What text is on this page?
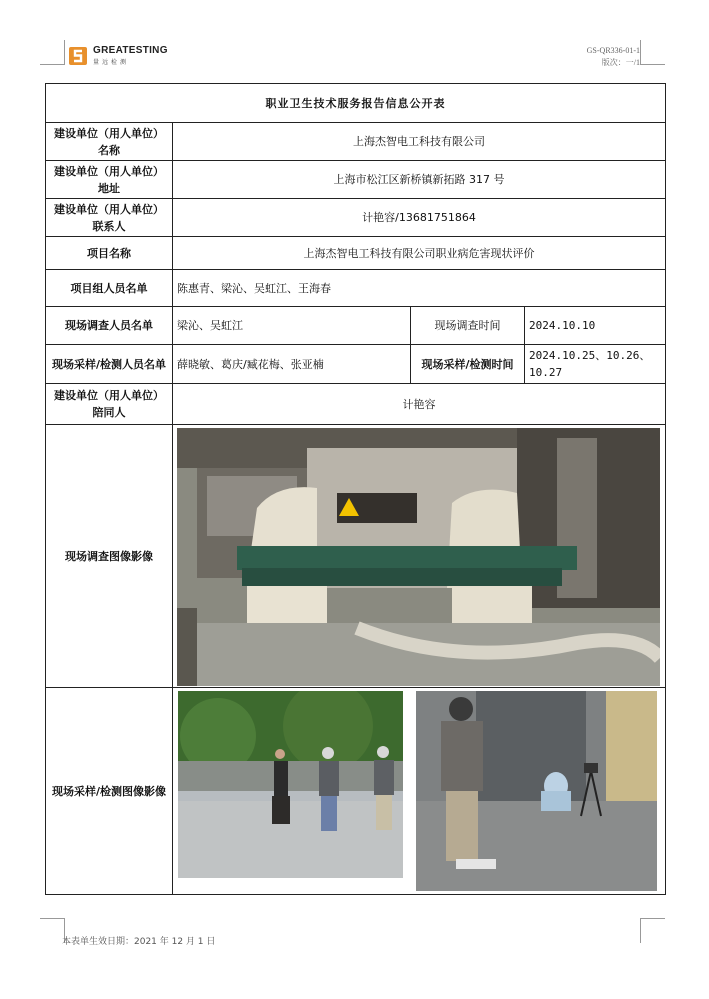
GREATESTING
量远检测
GS-QR336-01-1
版次：一/1
职业卫生技术服务报告信息公开表			
建设单位（用人单位）名称	上海杰智电工科技有限公司		
建设单位（用人单位）地址	上海市松江区新桥镇新拓路 317 号		
建设单位（用人单位）联系人	计艳容/13681751864		
项目名称	上海杰智电工科技有限公司职业病危害现状评价		
项目组人员名单	陈惠青、梁沁、吴虹江、王海春		
现场调查人员名单	梁沁、吴虹江	现场调查时间	2024.10.10
现场采样/检测人员名单	薛晓敏、葛庆/臧花梅、张亚楠	现场采样/检测时间	2024.10.25、10.26、10.27
建设单位（用人单位）陪同人	计艳容		
现场调查图像影像	

现场采样/检测图像影像	
本表单生效日期：2021 年 12 月 1 日
